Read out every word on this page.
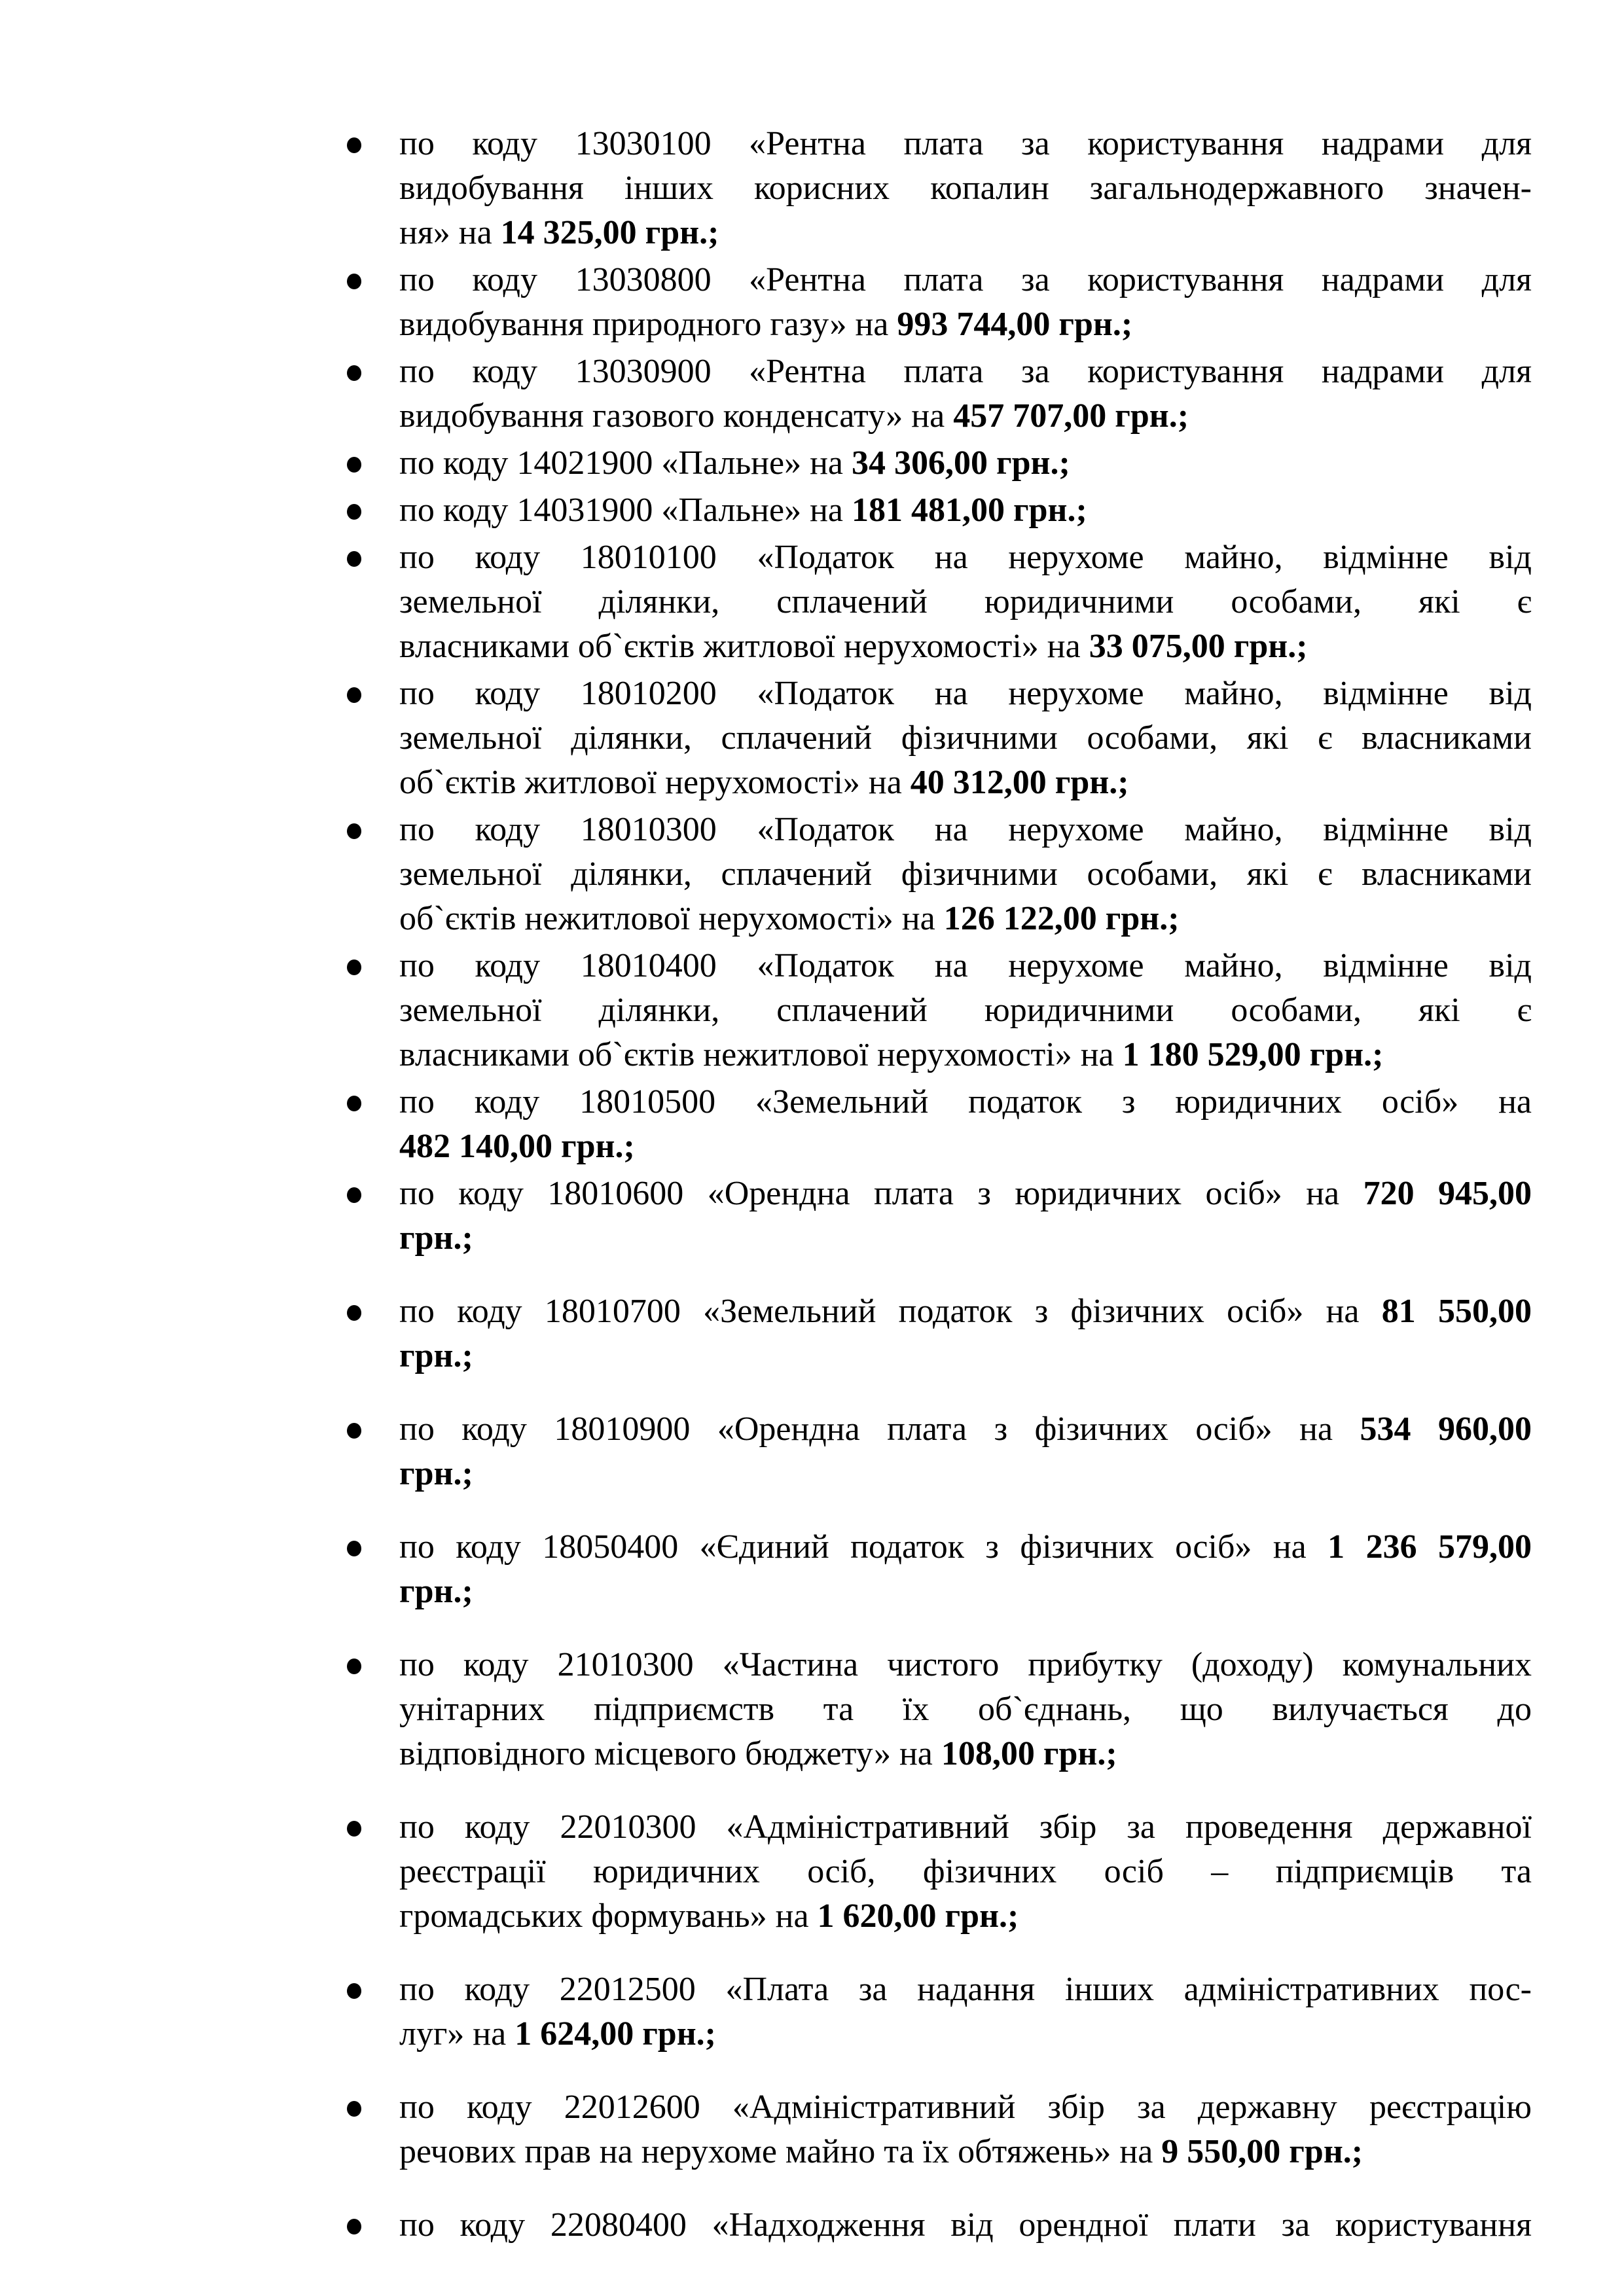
по коду 13030100 «Рентна плата за користування надрами для
видобування інших корисних копалин загальнодержавного значен-
ня» на 14 325,00 грн.;
по коду 13030800 «Рентна плата за користування надрами для
видобування природного газу» на 993 744,00 грн.;
по коду 13030900 «Рентна плата за користування надрами для
видобування газового конденсату» на 457 707,00 грн.;
по коду 14021900 «Пальне» на 34 306,00 грн.;
по коду 14031900 «Пальне» на 181 481,00 грн.;
по коду 18010100 «Податок на нерухоме майно, відмінне від
земельної ділянки, сплачений юридичними особами, які є
власниками об`єктів житлової нерухомості» на 33 075,00 грн.;
по коду 18010200 «Податок на нерухоме майно, відмінне від
земельної ділянки, сплачений фізичними особами, які є власниками
об`єктів житлової нерухомості» на 40 312,00 грн.;
по коду 18010300 «Податок на нерухоме майно, відмінне від
земельної ділянки, сплачений фізичними особами, які є власниками
об`єктів нежитлової нерухомості» на 126 122,00 грн.;
по коду 18010400 «Податок на нерухоме майно, відмінне від
земельної ділянки, сплачений юридичними особами, які є
власниками об`єктів нежитлової нерухомості» на 1 180 529,00 грн.;
по коду 18010500 «Земельний податок з юридичних осіб» на
482 140,00 грн.;
по коду 18010600 «Орендна плата з юридичних осіб» на 720 945,00
грн.;
по коду 18010700 «Земельний податок з фізичних осіб» на 81 550,00
грн.;
по коду 18010900 «Орендна плата з фізичних осіб» на 534 960,00
грн.;
по коду 18050400 «Єдиний податок з фізичних осіб» на 1 236 579,00
грн.;
по коду 21010300 «Частина чистого прибутку (доходу) комунальних
унітарних підприємств та їх об`єднань, що вилучається до
відповідного місцевого бюджету» на 108,00 грн.;
по коду 22010300 «Адміністративний збір за проведення державної
реєстрації юридичних осіб, фізичних осіб – підприємців та
громадських формувань» на 1 620,00 грн.;
по коду 22012500 «Плата за надання інших адміністративних пос-
луг» на 1 624,00 грн.;
по коду 22012600 «Адміністративний збір за державну реєстрацію
речових прав на нерухоме майно та їх обтяжень» на 9 550,00 грн.;
по коду 22080400 «Надходження від орендної плати за користування
